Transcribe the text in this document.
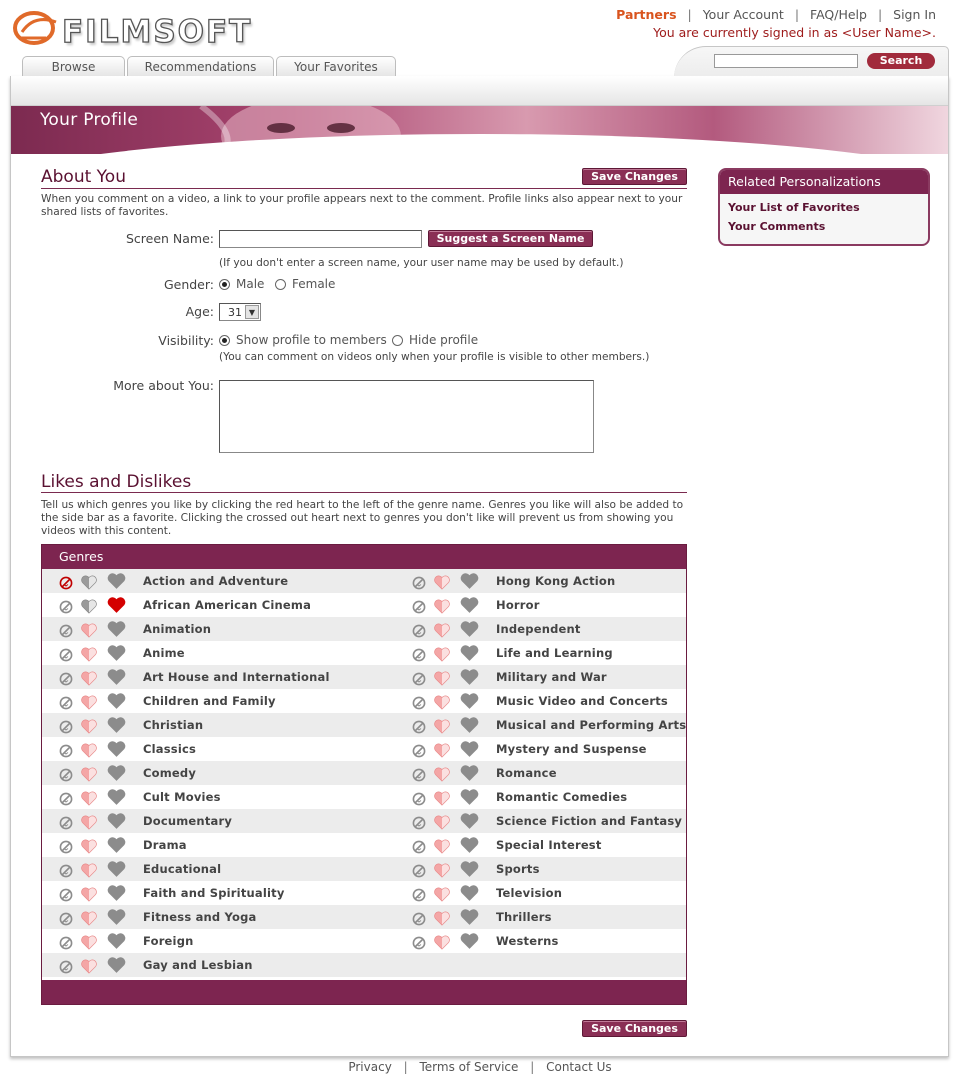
FILMSOFT	Partners | Your Account | FAQ/Help | Sign In
You are currently signed in as <User Name>.
Browse	Recommendations	Your Favorites	Search
Your Profile
About You	Save Changes
When you comment on a video, a link to your profile appears next to the comment. Profile links also appear next to your shared lists of favorites.
Screen Name:	Suggest a Screen Name
(If you don't enter a screen name, your user name may be used by default.)
Gender: Male Female
Age: 31 ▼
Visibility: Show profile to members Hide profile
(You can comment on videos only when your profile is visible to other members.)
More about You:
Related Personalizations
Your List of Favorites
Your Comments
Likes and Dislikes
Tell us which genres you like by clicking the red heart to the left of the genre name. Genres you like will also be added to the side bar as a favorite. Clicking the crossed out heart next to genres you don't like will prevent us from showing you videos with this content.
Genres
Action and Adventure	Hong Kong Action
African American Cinema	Horror
Animation	Independent
Anime	Life and Learning
Art House and International	Military and War
Children and Family	Music Video and Concerts
Christian	Musical and Performing Arts
Classics	Mystery and Suspense
Comedy	Romance
Cult Movies	Romantic Comedies
Documentary	Science Fiction and Fantasy
Drama	Special Interest
Educational	Sports
Faith and Spirituality	Television
Fitness and Yoga	Thrillers
Foreign	Westerns
Gay and Lesbian
Save Changes
Privacy | Terms of Service | Contact Us
